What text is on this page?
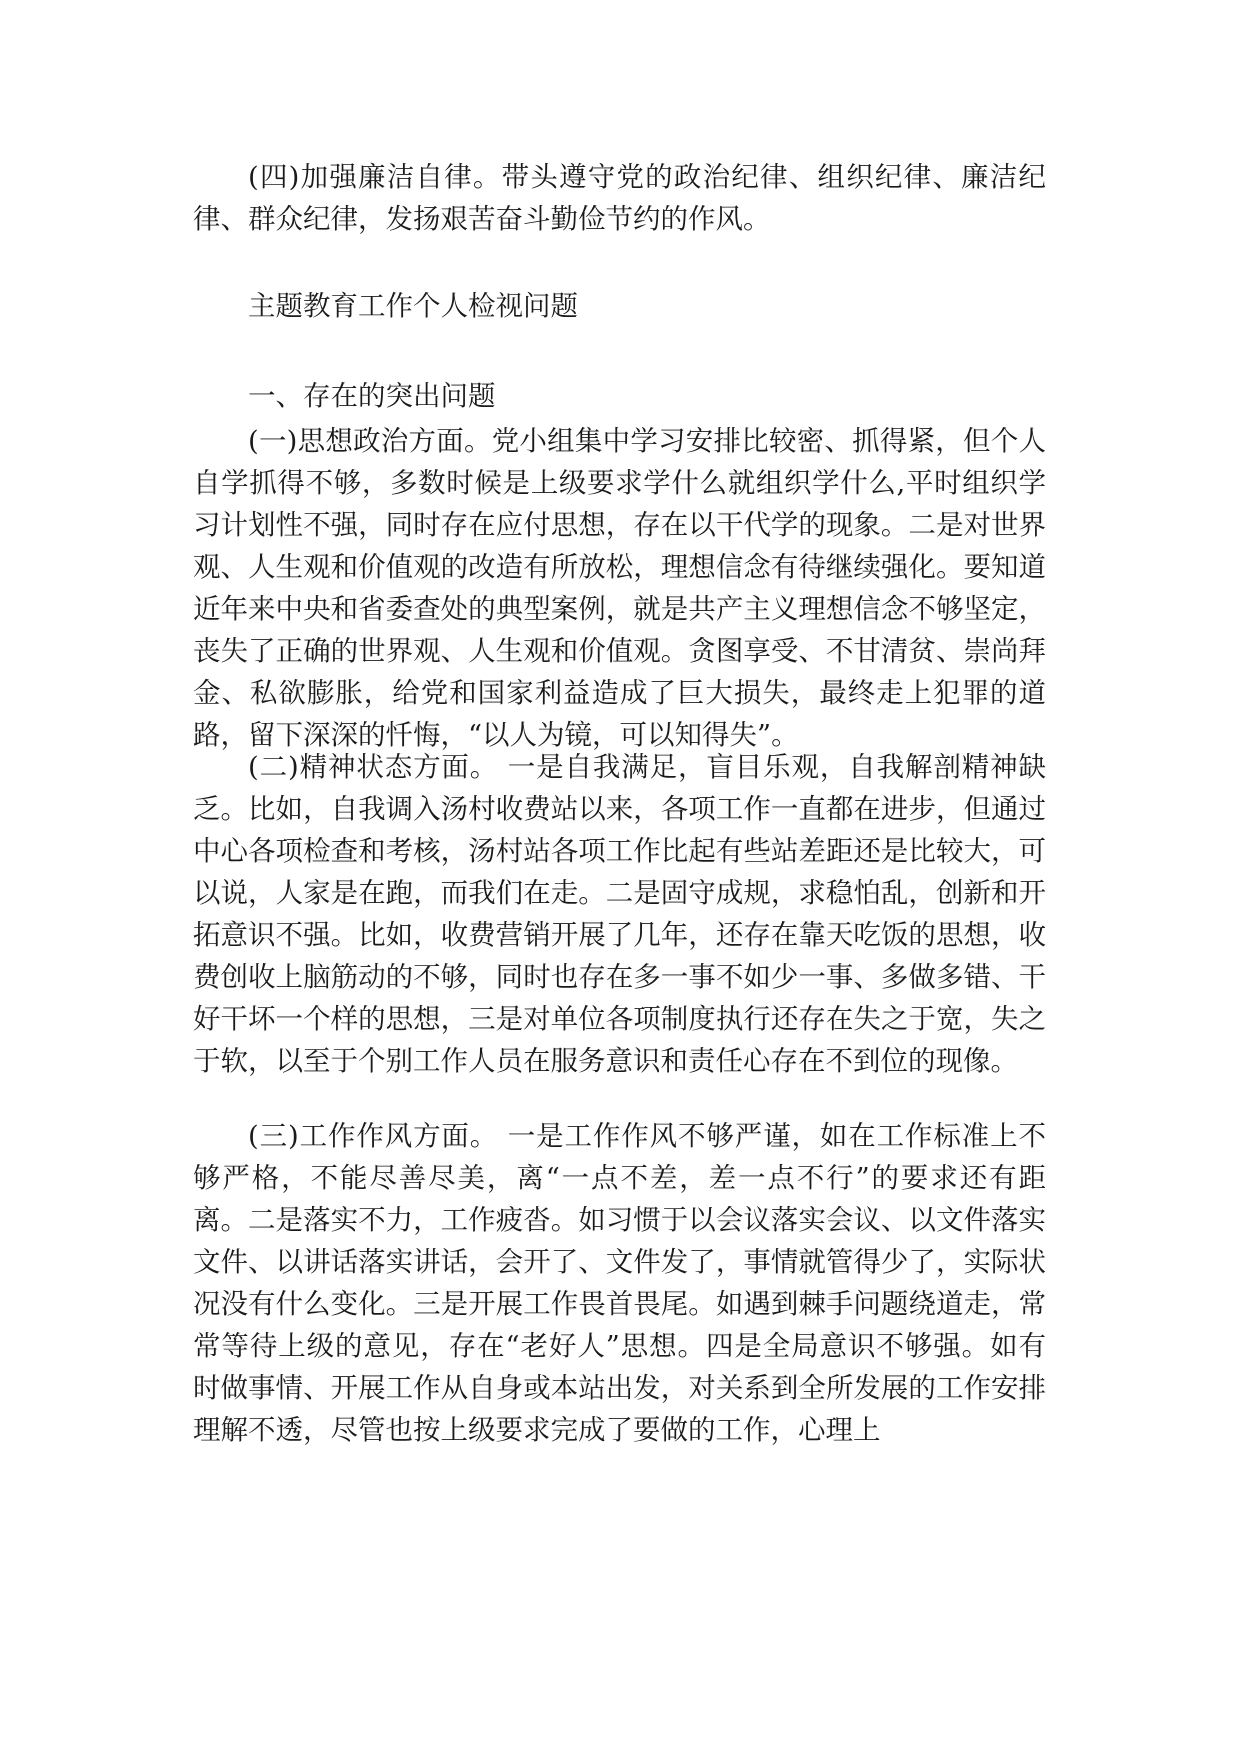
(四)加强廉洁自律。带头遵守党的政治纪律、组织纪律、廉洁纪律、群众纪律，发扬艰苦奋斗勤俭节约的作风。

主题教育工作个人检视问题

一、存在的突出问题

(一)思想政治方面。党小组集中学习安排比较密、抓得紧，但个人自学抓得不够，多数时候是上级要求学什么就组织学什么,平时组织学习计划性不强，同时存在应付思想，存在以干代学的现象。二是对世界观、人生观和价值观的改造有所放松，理想信念有待继续强化。要知道近年来中央和省委查处的典型案例，就是共产主义理想信念不够坚定，丧失了正确的世界观、人生观和价值观。贪图享受、不甘清贫、崇尚拜金、私欲膨胀，给党和国家利益造成了巨大损失，最终走上犯罪的道路，留下深深的忏悔，“以人为镜，可以知得失”。

(二)精神状态方面。 一是自我满足，盲目乐观，自我解剖精神缺乏。比如，自我调入汤村收费站以来，各项工作一直都在进步，但通过中心各项检查和考核，汤村站各项工作比起有些站差距还是比较大，可以说，人家是在跑，而我们在走。二是固守成规，求稳怕乱，创新和开拓意识不强。比如，收费营销开展了几年，还存在靠天吃饭的思想，收费创收上脑筋动的不够，同时也存在多一事不如少一事、多做多错、干好干坏一个样的思想，三是对单位各项制度执行还存在失之于宽，失之于软，以至于个别工作人员在服务意识和责任心存在不到位的现像。

(三)工作作风方面。 一是工作作风不够严谨，如在工作标准上不够严格，不能尽善尽美，离“一点不差，差一点不行”的要求还有距离。二是落实不力，工作疲沓。如习惯于以会议落实会议、以文件落实文件、以讲话落实讲话，会开了、文件发了，事情就管得少了，实际状况没有什么变化。三是开展工作畏首畏尾。如遇到棘手问题绕道走，常常等待上级的意见，存在“老好人”思想。四是全局意识不够强。如有时做事情、开展工作从自身或本站出发，对关系到全所发展的工作安排理解不透，尽管也按上级要求完成了要做的工作，心理上
